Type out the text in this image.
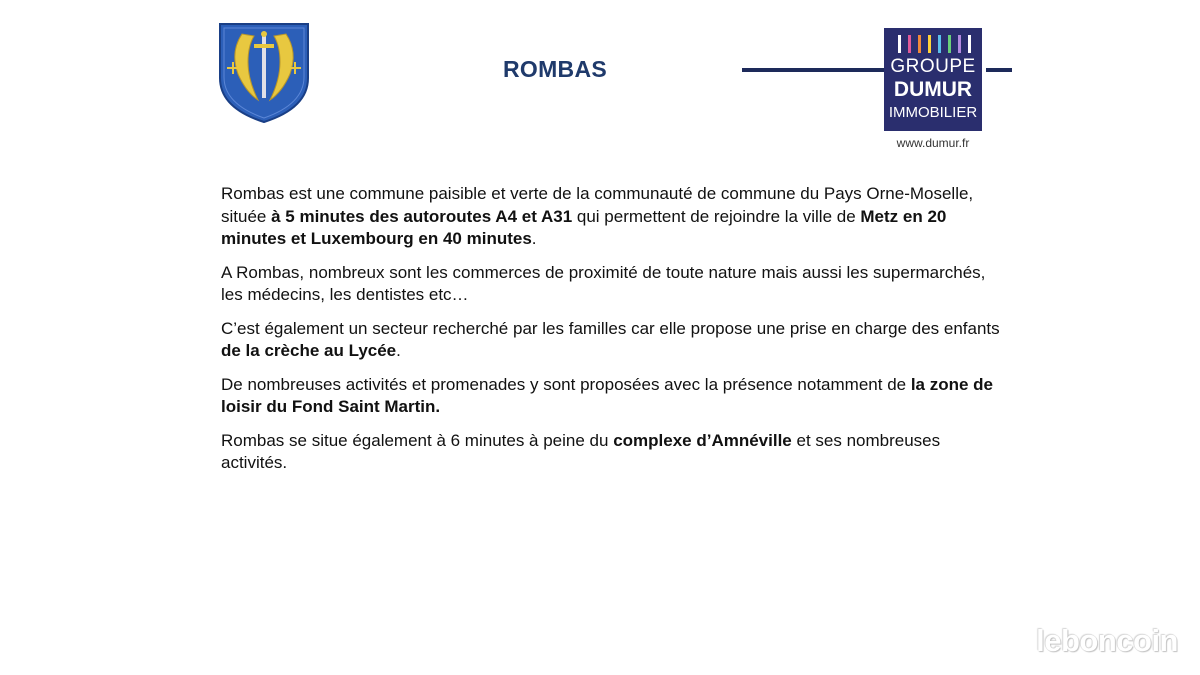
ROMBAS	GROUPE
DUMUR
IMMOBILIER
www.dumur.fr

Rombas est une commune paisible et verte de la communauté de commune du Pays Orne-Moselle, située à 5 minutes des autoroutes A4 et A31 qui permettent de rejoindre la ville de Metz en 20 minutes et Luxembourg en 40 minutes.

A Rombas, nombreux sont les commerces de proximité de toute nature mais aussi les supermarchés, les médecins, les dentistes etc…

C’est également un secteur recherché par les familles car elle propose une prise en charge des enfants de la crèche au Lycée.

De nombreuses activités et promenades y sont proposées avec la présence notamment de la zone de loisir du Fond Saint Martin.

Rombas se situe également à 6 minutes à peine du complexe d’Amnéville et ses nombreuses activités.

leboncoin
